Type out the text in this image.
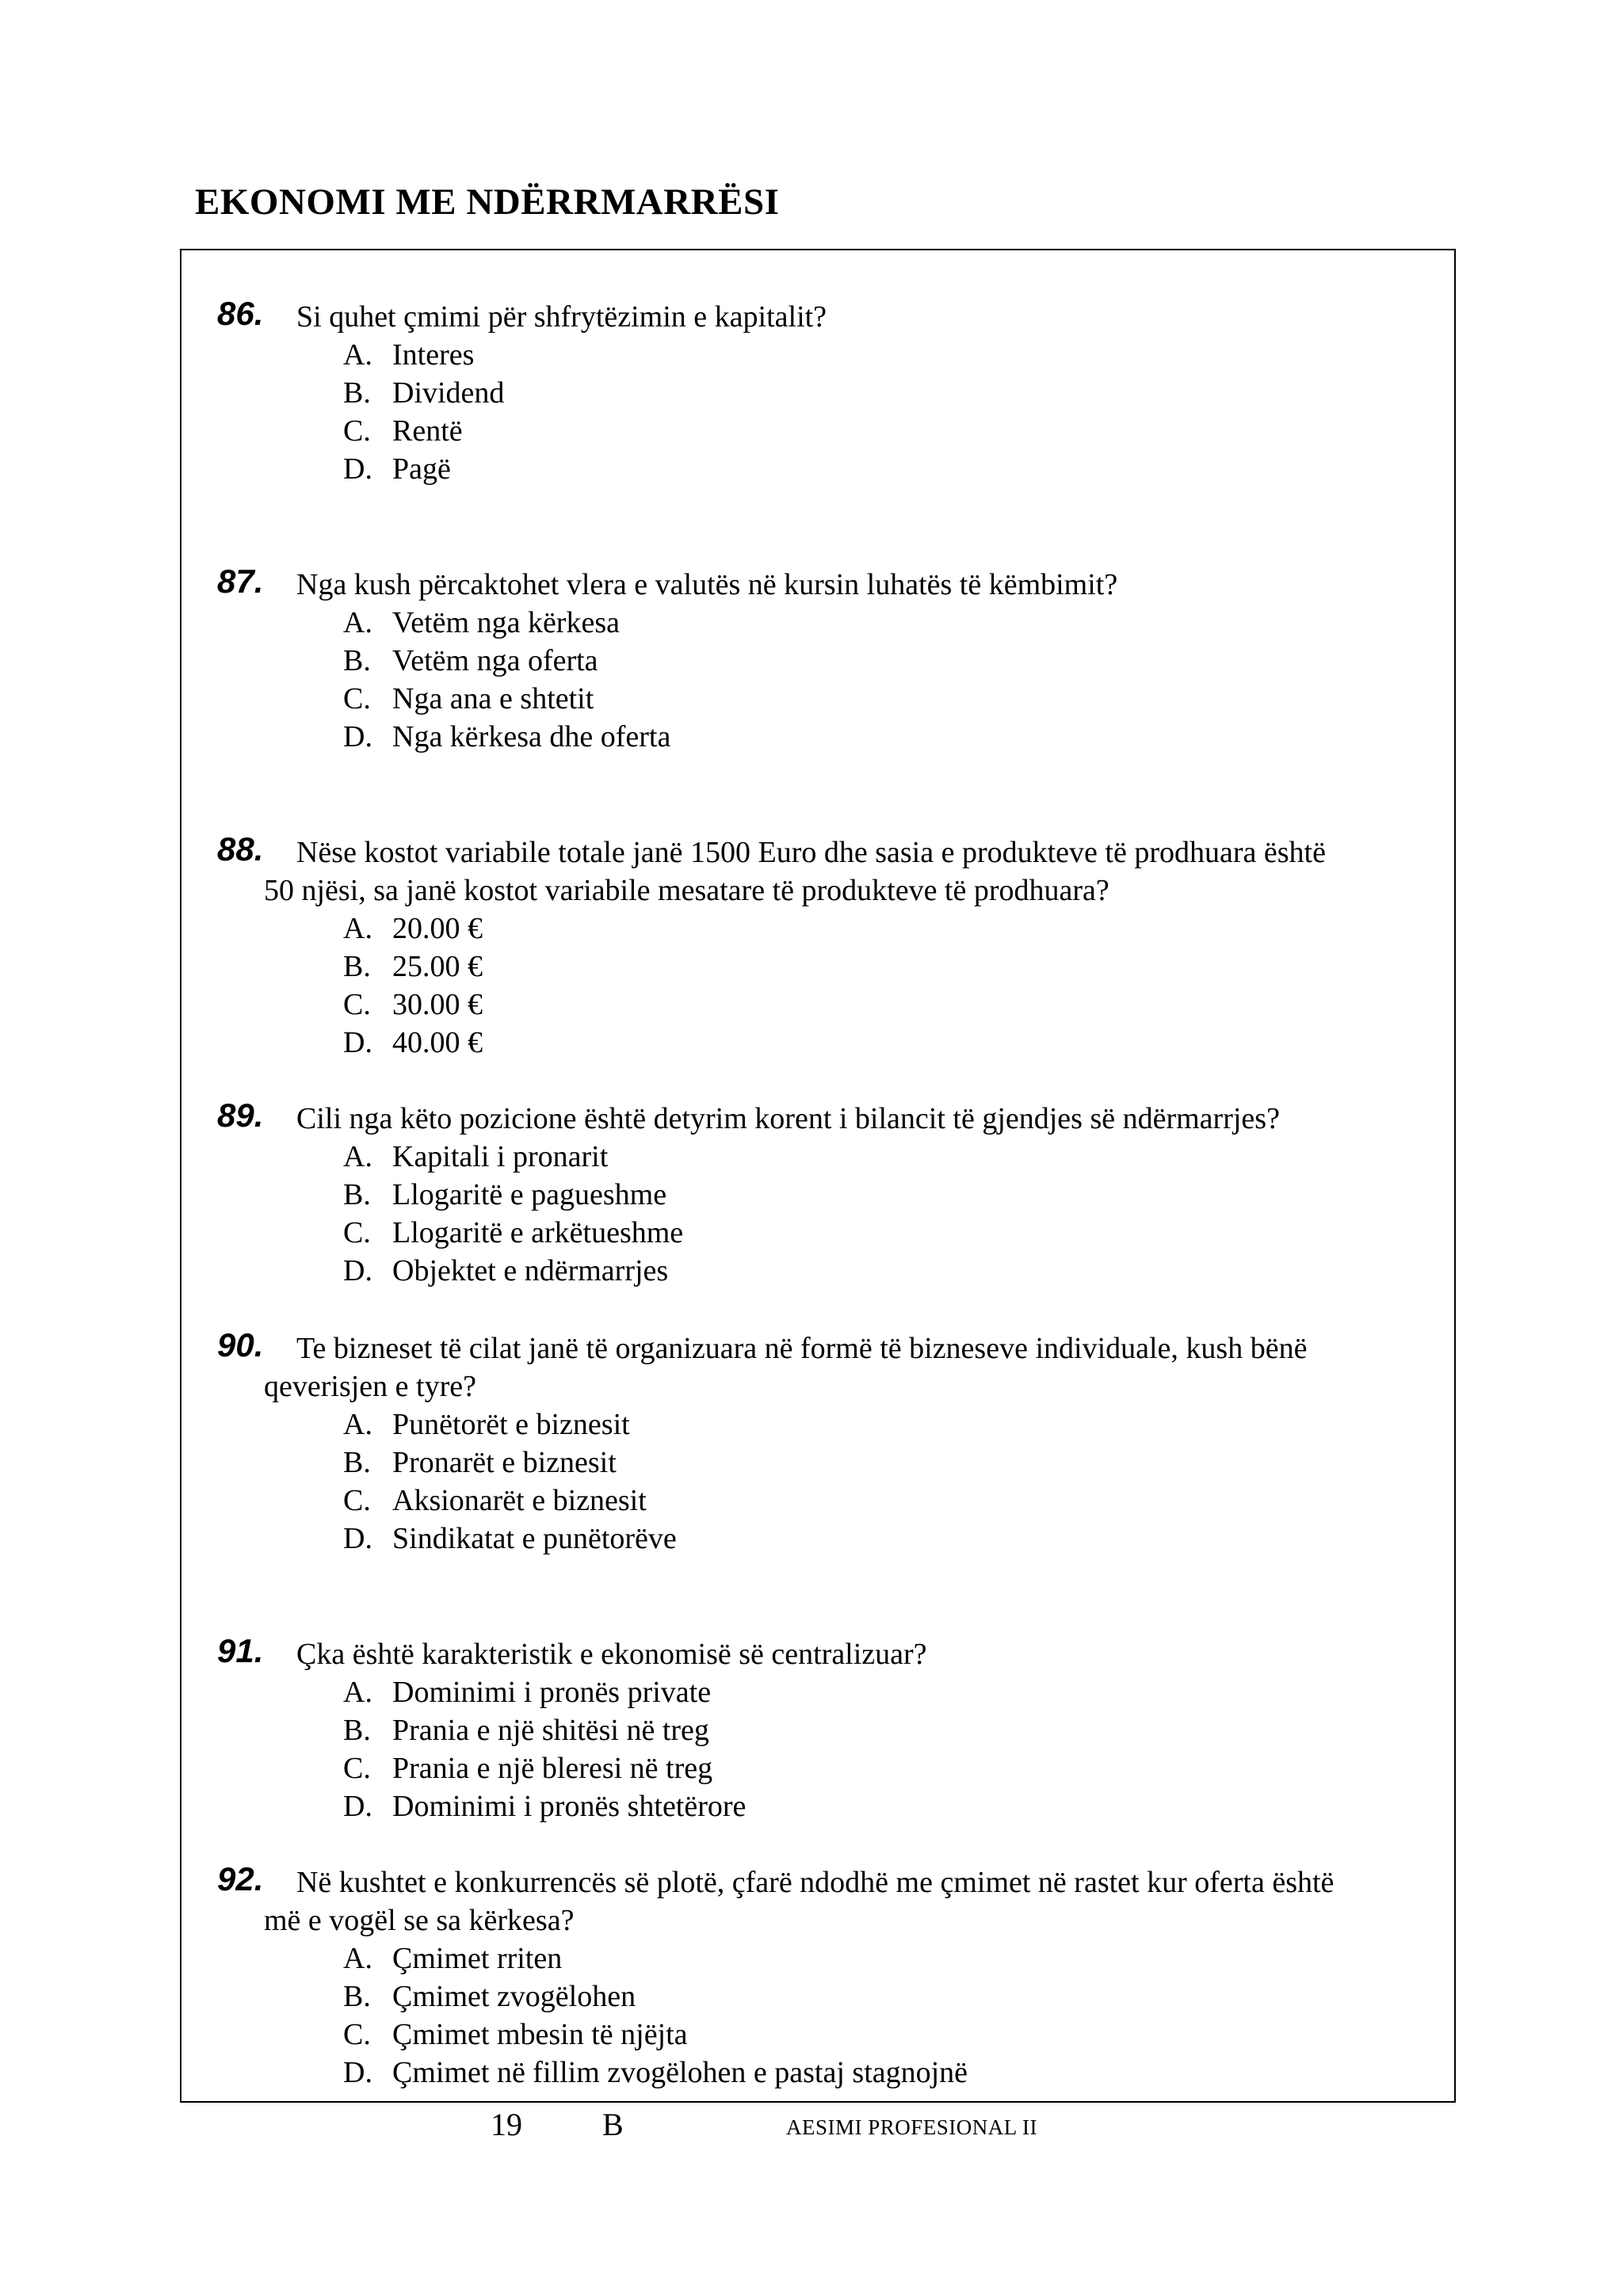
EKONOMI ME NDËRRMARRËSI
86. Si quhet çmimi për shfrytëzimin e kapitalit?
A. Interes
B. Dividend
C. Rentë
D. Pagë
87. Nga kush përcaktohet vlera e valutës në kursin luhatës të këmbimit?
A. Vetëm nga kërkesa
B. Vetëm nga oferta
C. Nga ana e shtetit
D. Nga kërkesa dhe oferta
88. Nëse kostot variabile totale janë 1500 Euro dhe sasia e produkteve të prodhuara është
50 njësi, sa janë kostot variabile mesatare të produkteve të prodhuara?
A. 20.00 €
B. 25.00 €
C. 30.00 €
D. 40.00 €
89. Cili nga këto pozicione është detyrim korent i bilancit të gjendjes së ndërmarrjes?
A. Kapitali i pronarit
B. Llogaritë e pagueshme
C. Llogaritë e arkëtueshme
D. Objektet e ndërmarrjes
90. Te bizneset të cilat janë të organizuara në formë të bizneseve individuale, kush bënë
qeverisjen e tyre?
A. Punëtorët e biznesit
B. Pronarët e biznesit
C. Aksionarët e biznesit
D. Sindikatat e punëtorëve
91. Çka është karakteristik e ekonomisë së centralizuar?
A. Dominimi i pronës private
B. Prania e një shitësi në treg
C. Prania e një bleresi në treg
D. Dominimi i pronës shtetërore
92. Në kushtet e konkurrencës së plotë, çfarë ndodhë me çmimet në rastet kur oferta është
më e vogël se sa kërkesa?
A. Çmimet rriten
B. Çmimet zvogëlohen
C. Çmimet mbesin të njëjta
D. Çmimet në fillim zvogëlohen e pastaj stagnojnë
19	B	AESIMI PROFESIONAL II
